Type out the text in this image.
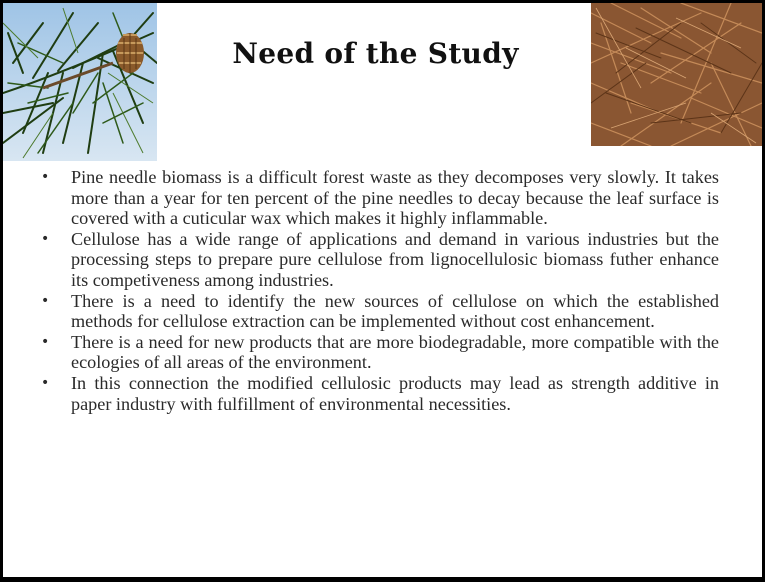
Need of the Study
• Pine needle biomass is a difficult forest waste as they decomposes very slowly. It takes more than a year for ten percent of the pine needles to decay because the leaf surface is covered with a cuticular wax which makes it highly inflammable.
• Cellulose has a wide range of applications and demand in various industries but the processing steps to prepare pure cellulose from lignocellulosic biomass futher enhance its competiveness among industries.
• There is a need to identify the new sources of cellulose on which the established methods for cellulose extraction can be implemented without cost enhancement.
• There is a need for new products that are more biodegradable, more compatible with the ecologies of all areas of the environment.
• In this connection the modified cellulosic products may lead as strength additive in paper industry with fulfillment of environmental necessities.
